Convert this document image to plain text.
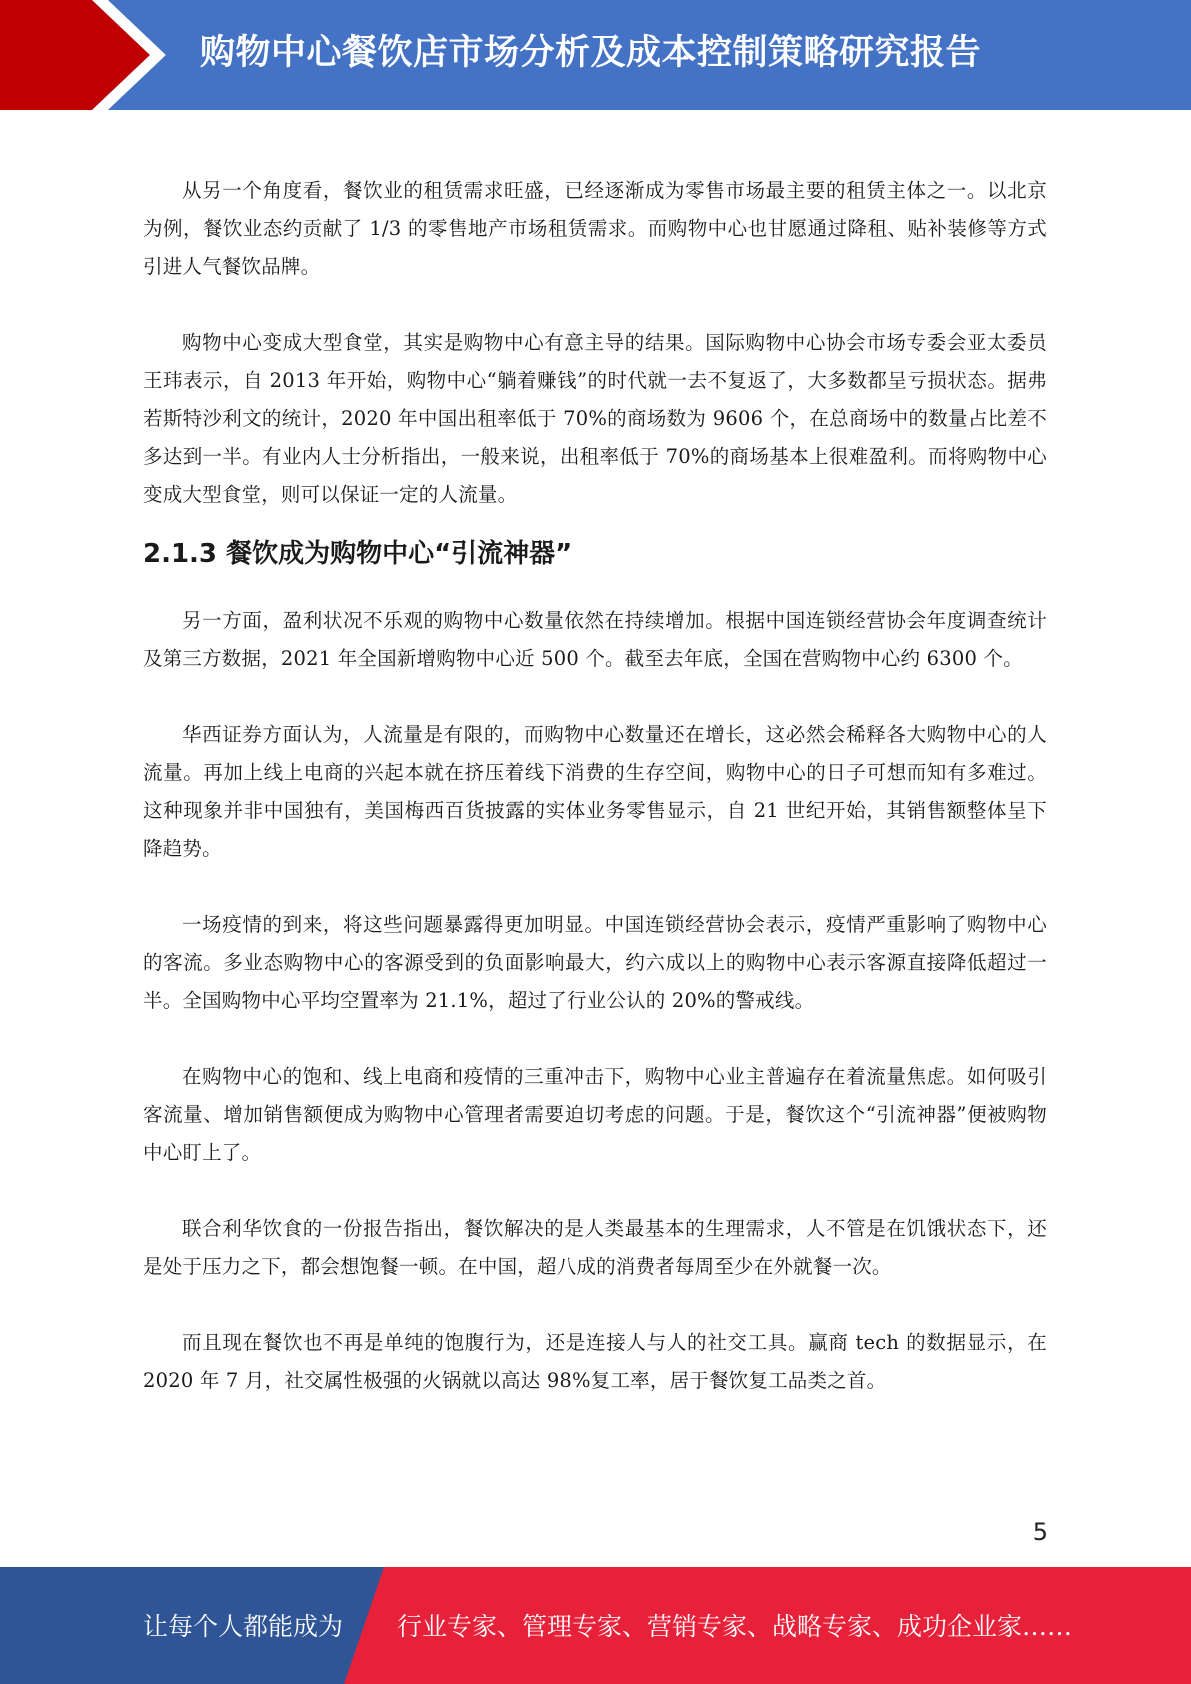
购物中心餐饮店市场分析及成本控制策略研究报告

从另一个角度看，餐饮业的租赁需求旺盛，已经逐渐成为零售市场最主要的租赁主体之一。以北京为例，餐饮业态约贡献了 1/3 的零售地产市场租赁需求。而购物中心也甘愿通过降租、贴补装修等方式引进人气餐饮品牌。

购物中心变成大型食堂，其实是购物中心有意主导的结果。国际购物中心协会市场专委会亚太委员王玮表示，自 2013 年开始，购物中心“躺着赚钱”的时代就一去不复返了，大多数都呈亏损状态。据弗若斯特沙利文的统计，2020 年中国出租率低于 70%的商场数为 9606 个，在总商场中的数量占比差不多达到一半。有业内人士分析指出，一般来说，出租率低于 70%的商场基本上很难盈利。而将购物中心变成大型食堂，则可以保证一定的人流量。

2.1.3 餐饮成为购物中心“引流神器”

另一方面，盈利状况不乐观的购物中心数量依然在持续增加。根据中国连锁经营协会年度调查统计及第三方数据，2021 年全国新增购物中心近 500 个。截至去年底，全国在营购物中心约 6300 个。

华西证券方面认为，人流量是有限的，而购物中心数量还在增长，这必然会稀释各大购物中心的人流量。再加上线上电商的兴起本就在挤压着线下消费的生存空间，购物中心的日子可想而知有多难过。这种现象并非中国独有，美国梅西百货披露的实体业务零售显示，自 21 世纪开始，其销售额整体呈下降趋势。

一场疫情的到来，将这些问题暴露得更加明显。中国连锁经营协会表示，疫情严重影响了购物中心的客流。多业态购物中心的客源受到的负面影响最大，约六成以上的购物中心表示客源直接降低超过一半。全国购物中心平均空置率为 21.1%，超过了行业公认的 20%的警戒线。

在购物中心的饱和、线上电商和疫情的三重冲击下，购物中心业主普遍存在着流量焦虑。如何吸引客流量、增加销售额便成为购物中心管理者需要迫切考虑的问题。于是，餐饮这个“引流神器”便被购物中心盯上了。

联合利华饮食的一份报告指出，餐饮解决的是人类最基本的生理需求，人不管是在饥饿状态下，还是处于压力之下，都会想饱餐一顿。在中国，超八成的消费者每周至少在外就餐一次。

而且现在餐饮也不再是单纯的饱腹行为，还是连接人与人的社交工具。赢商 tech 的数据显示，在 2020 年 7 月，社交属性极强的火锅就以高达 98%复工率，居于餐饮复工品类之首。

5
让每个人都能成为 行业专家、管理专家、营销专家、战略专家、成功企业家……
